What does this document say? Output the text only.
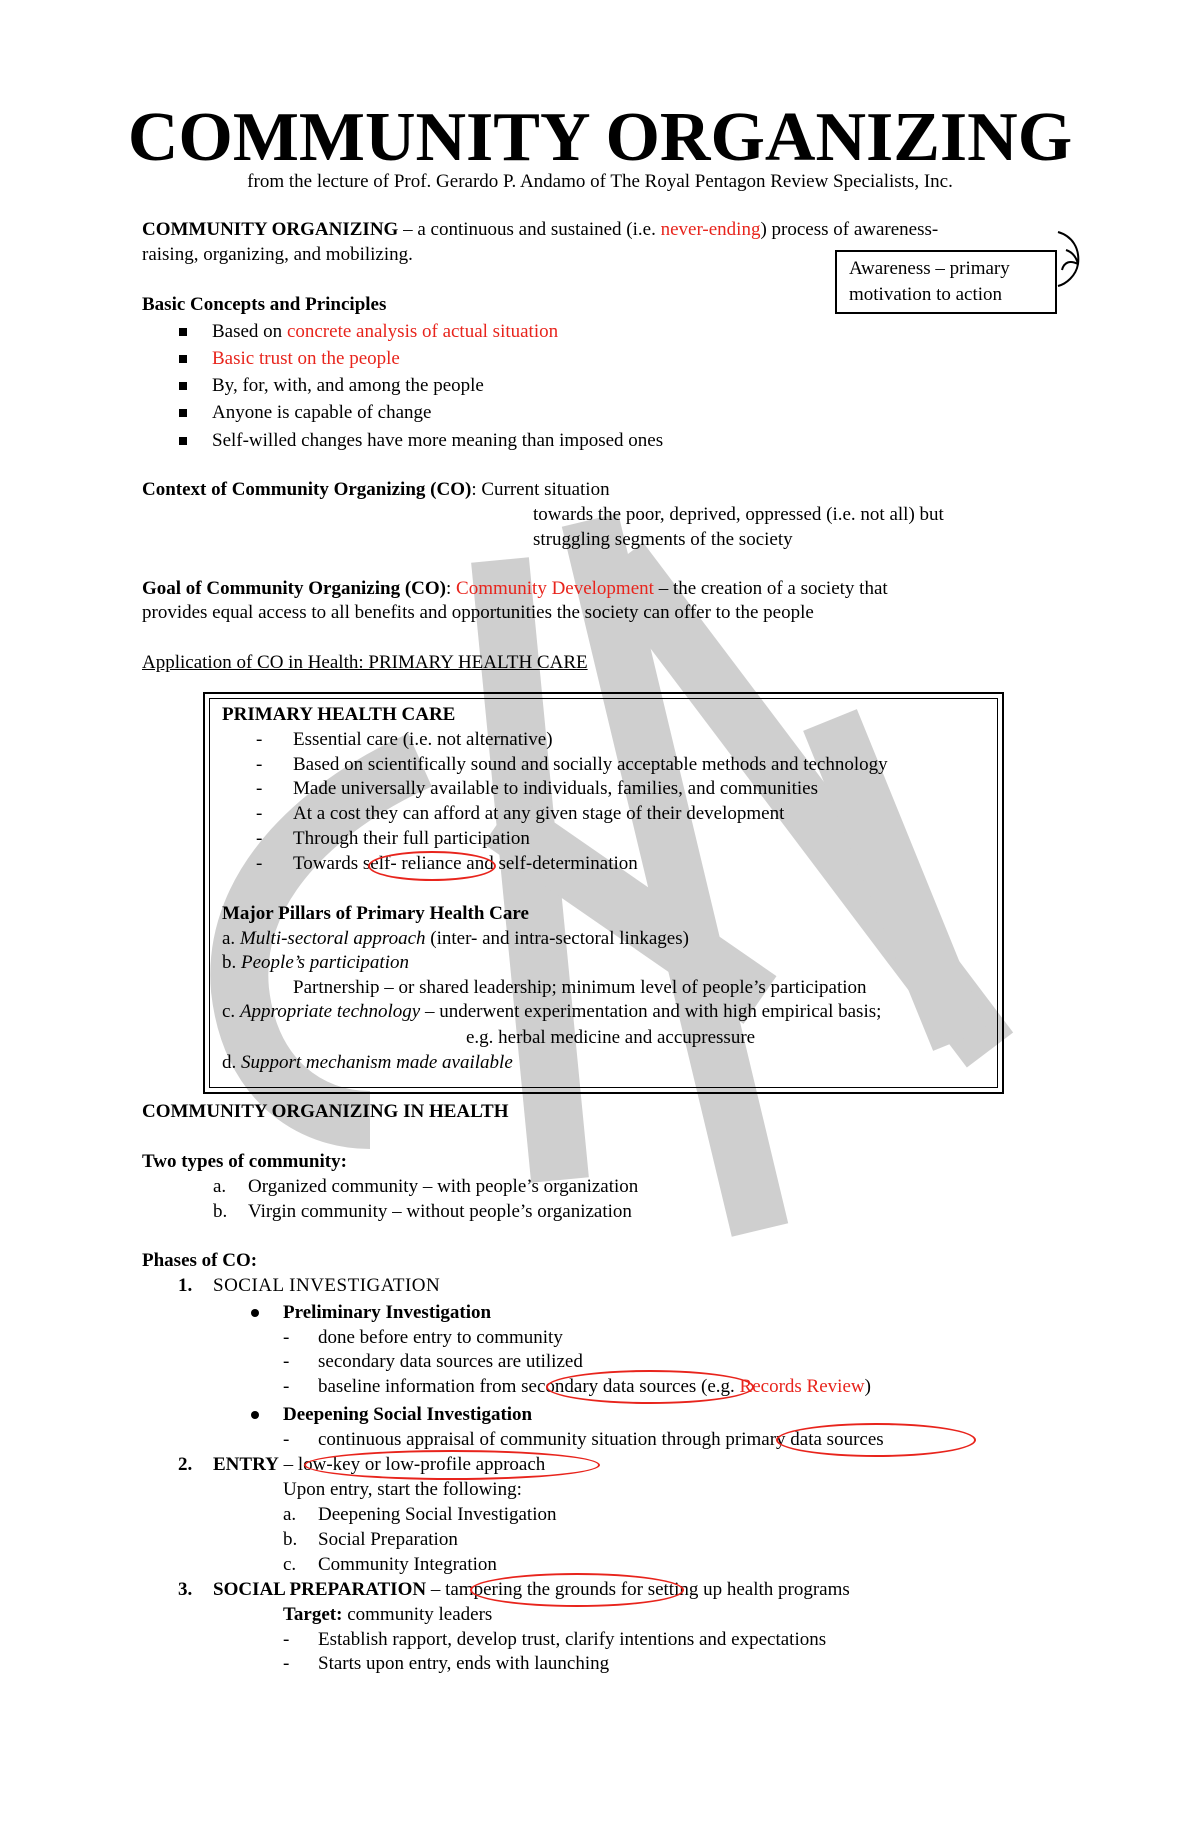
COMMUNITY ORGANIZING
from the lecture of Prof. Gerardo P. Andamo of The Royal Pentagon Review Specialists, Inc.
COMMUNITY ORGANIZING – a continuous and sustained (i.e. never-ending) process of awareness-
raising, organizing, and mobilizing.
Awareness – primary
motivation to action
Basic Concepts and Principles
Based on concrete analysis of actual situation
Basic trust on the people
By, for, with, and among the people
Anyone is capable of change
Self-willed changes have more meaning than imposed ones
Context of Community Organizing (CO): Current situation
towards the poor, deprived, oppressed (i.e. not all) but
struggling segments of the society
Goal of Community Organizing (CO): Community Development – the creation of a society that
provides equal access to all benefits and opportunities the society can offer to the people
Application of CO in Health: PRIMARY HEALTH CARE
PRIMARY HEALTH CARE
- Essential care (i.e. not alternative)
- Based on scientifically sound and socially acceptable methods and technology
- Made universally available to individuals, families, and communities
- At a cost they can afford at any given stage of their development
- Through their full participation
- Towards self- reliance and self-determination
Major Pillars of Primary Health Care
a. Multi-sectoral approach (inter- and intra-sectoral linkages)
b. People’s participation
Partnership – or shared leadership; minimum level of people’s participation
c. Appropriate technology – underwent experimentation and with high empirical basis;
e.g. herbal medicine and accupressure
d. Support mechanism made available
COMMUNITY ORGANIZING IN HEALTH
Two types of community:
a. Organized community – with people’s organization
b. Virgin community – without people’s organization
Phases of CO:
1. SOCIAL INVESTIGATION
Preliminary Investigation
- done before entry to community
- secondary data sources are utilized
- baseline information from secondary data sources (e.g. Records Review)
Deepening Social Investigation
- continuous appraisal of community situation through primary data sources
2. ENTRY – low-key or low-profile approach
Upon entry, start the following:
a. Deepening Social Investigation
b. Social Preparation
c. Community Integration
3. SOCIAL PREPARATION – tampering the grounds for setting up health programs
Target: community leaders
- Establish rapport, develop trust, clarify intentions and expectations
- Starts upon entry, ends with launching
